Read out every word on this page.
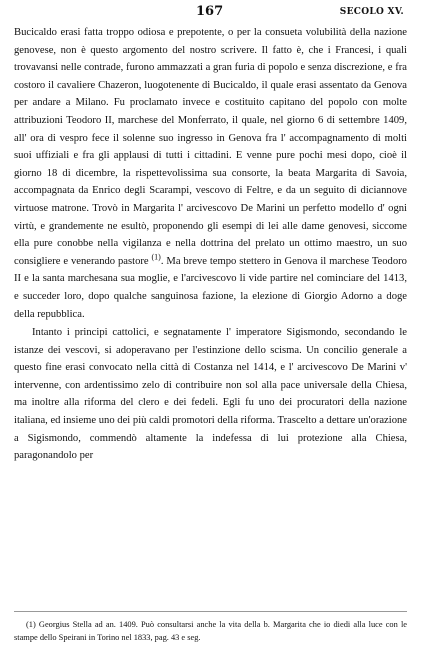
167	SECOLO XV.

Bucicaldo erasi fatta troppo odiosa e prepotente, o per la consueta volubilità della nazione genovese, non è questo argomento del nostro scrivere. Il fatto è, che i Francesi, i quali trovavansi nelle contrade, furono ammazzati a gran furia di popolo e senza discrezione, e fra costoro il cavaliere Chazeron, luogotenente di Bucicaldo, il quale erasi assentato da Genova per andare a Milano. Fu proclamato invece e costituito capitano del popolo con molte attribuzioni Teodoro II, marchese del Monferrato, il quale, nel giorno 6 di settembre 1409, all' ora di vespro fece il solenne suo ingresso in Genova fra l' accompagnamento di molti suoi uffiziali e fra gli applausi di tutti i cittadini. E venne pure pochi mesi dopo, cioè il giorno 18 di dicembre, la rispettevolissima sua consorte, la beata Margarita di Savoia, accompagnata da Enrico degli Scarampi, vescovo di Feltre, e da un seguito di diciannove virtuose matrone. Trovò in Margarita l' arcivescovo De Marini un perfetto modello d' ogni virtù, e grandemente ne esultò, proponendo gli esempi di lei alle dame genovesi, siccome ella pure conobbe nella vigilanza e nella dottrina del prelato un ottimo maestro, un suo consigliere e venerando pastore $^{(1)}$. Ma breve tempo stettero in Genova il marchese Teodoro II e la santa marchesana sua moglie, e l'arcivescovo li vide partire nel cominciare del 1413, e succeder loro, dopo qualche sanguinosa fazione, la elezione di Giorgio Adorno a doge della repubblica.

Intanto i principi cattolici, e segnatamente l' imperatore Sigismondo, secondando le istanze dei vescovi, si adoperavano per l'estinzione dello scisma. Un concilio generale a questo fine erasi convocato nella città di Costanza nel 1414, e l' arcivescovo De Marini v' intervenne, con ardentissimo zelo di contribuire non sol alla pace universale della Chiesa, ma inoltre alla riforma del clero e dei fedeli. Egli fu uno dei procuratori della nazione italiana, ed insieme uno dei più caldi promotori della riforma. Trascelto a dettare un'orazione a Sigismondo, commendò altamente la indefessa di lui protezione alla Chiesa, paragonandolo per

(1) Georgius Stella ad an. 1409. Può consultarsi anche la vita della b. Margarita che io diedi alla luce con le stampe dello Speirani in Torino nel 1833, pag. 43 e seg.
